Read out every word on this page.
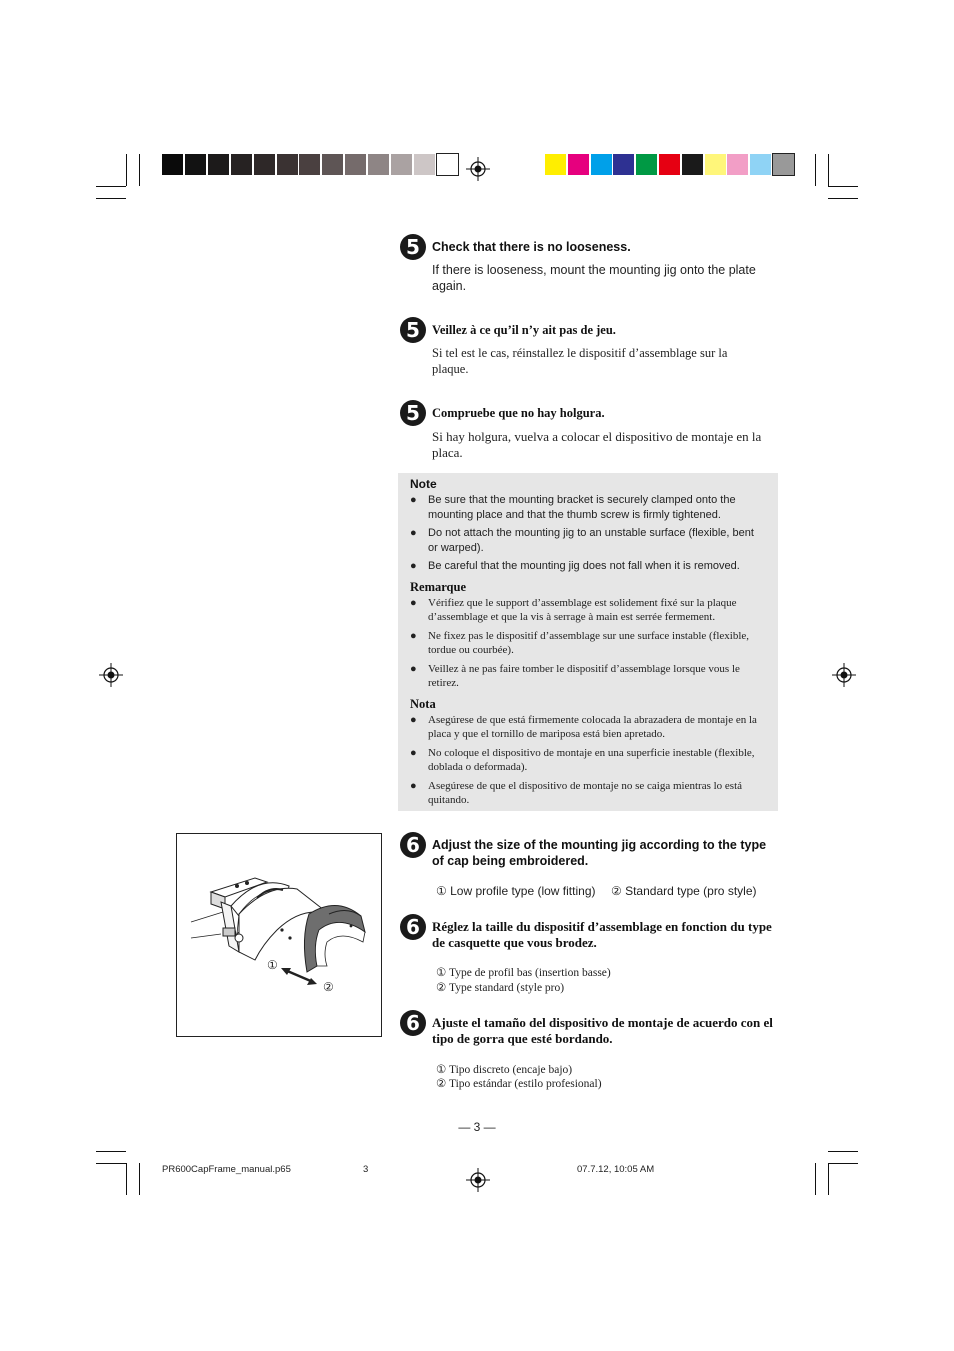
5 Check that there is no looseness.
If there is looseness, mount the mounting jig onto the plate again.
5 Veillez à ce qu’il n’y ait pas de jeu.
Si tel est le cas, réinstallez le dispositif d’assemblage sur la plaque.
5 Compruebe que no hay holgura.
Si hay holgura, vuelva a colocar el dispositivo de montaje en la placa.
Note
●	Be sure that the mounting bracket is securely clamped onto the mounting place and that the thumb screw is firmly tightened.
●	Do not attach the mounting jig to an unstable surface (flexible, bent or warped).
●	Be careful that the mounting jig does not fall when it is removed.
Remarque
●	Vérifiez que le support d’assemblage est solidement fixé sur la plaque d’assemblage et que la vis à serrage à main est serrée fermement.
●	Ne fixez pas le dispositif d’assemblage sur une surface instable (flexible, tordue ou courbée).
●	Veillez à ne pas faire tomber le dispositif d’assemblage lorsque vous le retirez.
Nota
●	Asegúrese de que está firmemente colocada la abrazadera de montaje en la placa y que el tornillo de mariposa está bien apretado.
●	No coloque el dispositivo de montaje en una superficie inestable (flexible, doblada o deformada).
●	Asegúrese de que el dispositivo de montaje no se caiga mientras lo está quitando.
①
②
6 Adjust the size of the mounting jig according to the type of cap being embroidered.
① Low profile type (low fitting) ② Standard type (pro style)
6 Réglez la taille du dispositif d’assemblage en fonction du type de casquette que vous brodez.
① Type de profil bas (insertion basse)
② Type standard (style pro)
6 Ajuste el tamaño del dispositivo de montaje de acuerdo con el tipo de gorra que esté bordando.
① Tipo discreto (encaje bajo)
② Tipo estándar (estilo profesional)
— 3 —
PR600CapFrame_manual.p65	3	07.7.12, 10:05 AM
